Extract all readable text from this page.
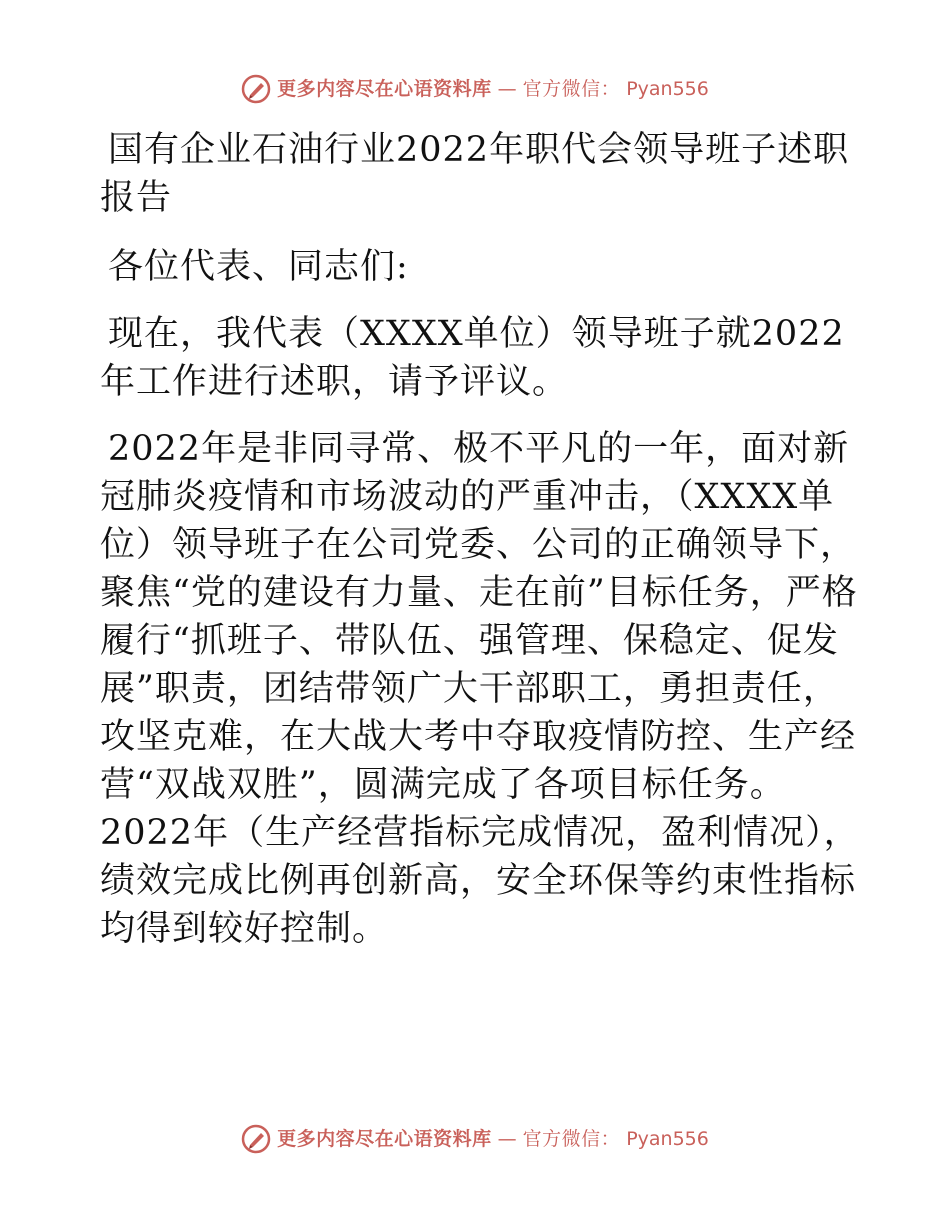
更多内容尽在心语资料库 — 官方微信： Pyan556

国有企业石油行业2022年职代会领导班子述职报告

各位代表、同志们:

现在，我代表（XXXX单位）领导班子就2022年工作进行述职，请予评议。

2022年是非同寻常、极不平凡的一年，面对新冠肺炎疫情和市场波动的严重冲击，（XXXX单位）领导班子在公司党委、公司的正确领导下，聚焦“党的建设有力量、走在前”目标任务，严格履行“抓班子、带队伍、强管理、保稳定、促发展”职责，团结带领广大干部职工，勇担责任，攻坚克难，在大战大考中夺取疫情防控、生产经营“双战双胜”，圆满完成了各项目标任务。2022年（生产经营指标完成情况，盈利情况），绩效完成比例再创新高，安全环保等约束性指标均得到较好控制。

更多内容尽在心语资料库 — 官方微信： Pyan556
